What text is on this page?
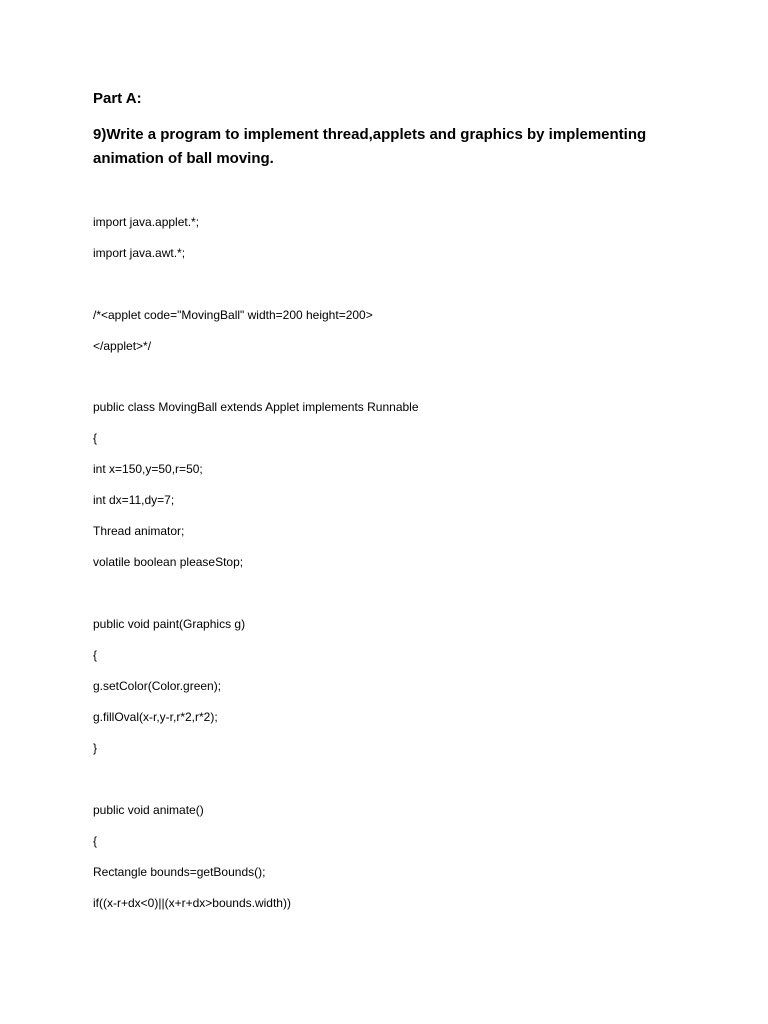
Part A:

9)Write a program to implement thread,applets and graphics by implementing

animation of ball moving.

import java.applet.*;

import java.awt.*;

/*<applet code="MovingBall" width=200 height=200>

</applet>*/

public class MovingBall extends Applet implements Runnable

{

int x=150,y=50,r=50;

int dx=11,dy=7;

Thread animator;

volatile boolean pleaseStop;

public void paint(Graphics g)

{

g.setColor(Color.green);

g.fillOval(x-r,y-r,r*2,r*2);

}

public void animate()

{

Rectangle bounds=getBounds();

if((x-r+dx<0)||(x+r+dx>bounds.width))
